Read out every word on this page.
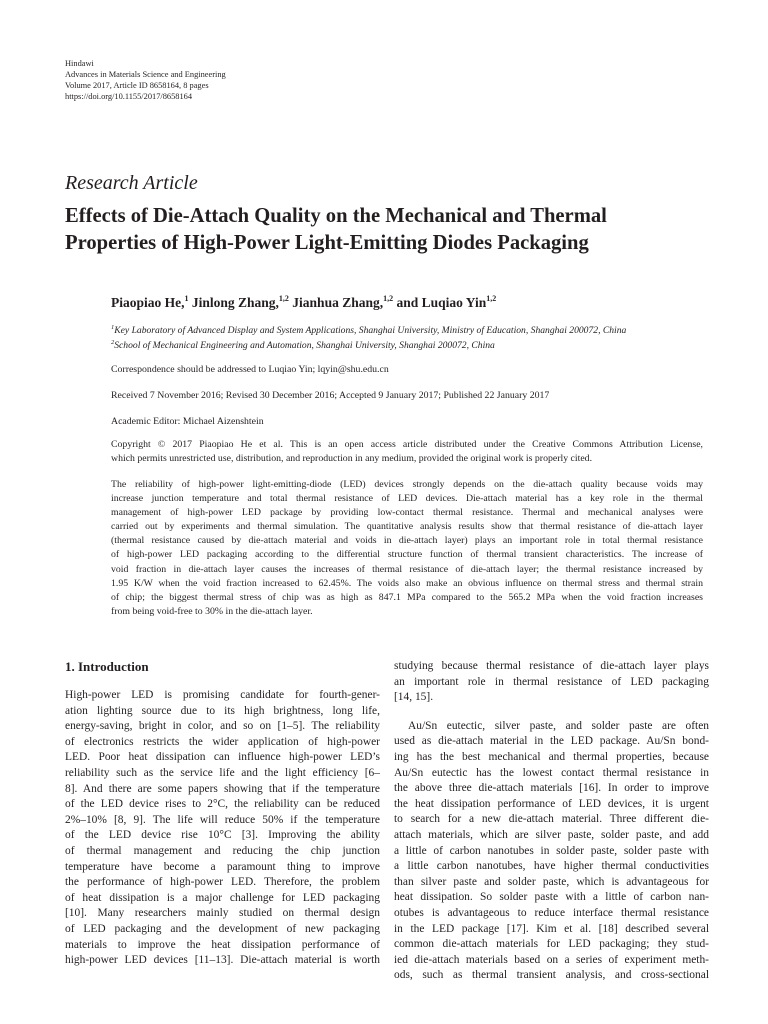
Hindawi
Advances in Materials Science and Engineering
Volume 2017, Article ID 8658164, 8 pages
https://doi.org/10.1155/2017/8658164
Research Article
Effects of Die-Attach Quality on the Mechanical and Thermal
Properties of High-Power Light-Emitting Diodes Packaging
Piaopiao He,$^1$ Jinlong Zhang,$^{1,2}$ Jianhua Zhang,$^{1,2}$ and Luqiao Yin$^{1,2}$
$^1$Key Laboratory of Advanced Display and System Applications, Shanghai University, Ministry of Education, Shanghai 200072, China
$^2$School of Mechanical Engineering and Automation, Shanghai University, Shanghai 200072, China
Correspondence should be addressed to Luqiao Yin; lqyin@shu.edu.cn
Received 7 November 2016; Revised 30 December 2016; Accepted 9 January 2017; Published 22 January 2017
Academic Editor: Michael Aizenshtein
Copyright © 2017 Piaopiao He et al. This is an open access article distributed under the Creative Commons Attribution License,
which permits unrestricted use, distribution, and reproduction in any medium, provided the original work is properly cited.
The reliability of high-power light-emitting-diode (LED) devices strongly depends on the die-attach quality because voids may
increase junction temperature and total thermal resistance of LED devices. Die-attach material has a key role in the thermal
management of high-power LED package by providing low-contact thermal resistance. Thermal and mechanical analyses were
carried out by experiments and thermal simulation. The quantitative analysis results show that thermal resistance of die-attach layer
(thermal resistance caused by die-attach material and voids in die-attach layer) plays an important role in total thermal resistance
of high-power LED packaging according to the differential structure function of thermal transient characteristics. The increase of
void fraction in die-attach layer causes the increases of thermal resistance of die-attach layer; the thermal resistance increased by
1.95 K/W when the void fraction increased to 62.45%. The voids also make an obvious influence on thermal stress and thermal strain
of chip; the biggest thermal stress of chip was as high as 847.1 MPa compared to the 565.2 MPa when the void fraction increases
from being void-free to 30% in the die-attach layer.
1. Introduction
High-power LED is promising candidate for fourth-gener-
ation lighting source due to its high brightness, long life,
energy-saving, bright in color, and so on [1–5]. The reliability
of electronics restricts the wider application of high-power
LED. Poor heat dissipation can influence high-power LED’s
reliability such as the service life and the light efficiency [6–
8]. And there are some papers showing that if the temperature
of the LED device rises to 2°C, the reliability can be reduced
2%–10% [8, 9]. The life will reduce 50% if the temperature
of the LED device rise 10°C [3]. Improving the ability
of thermal management and reducing the chip junction
temperature have become a paramount thing to improve
the performance of high-power LED. Therefore, the problem
of heat dissipation is a major challenge for LED packaging
[10]. Many researchers mainly studied on thermal design
of LED packaging and the development of new packaging
materials to improve the heat dissipation performance of
high-power LED devices [11–13]. Die-attach material is worth
studying because thermal resistance of die-attach layer plays
an important role in thermal resistance of LED packaging
[14, 15].
Au/Sn eutectic, silver paste, and solder paste are often
used as die-attach material in the LED package. Au/Sn bond-
ing has the best mechanical and thermal properties, because
Au/Sn eutectic has the lowest contact thermal resistance in
the above three die-attach materials [16]. In order to improve
the heat dissipation performance of LED devices, it is urgent
to search for a new die-attach material. Three different die-
attach materials, which are silver paste, solder paste, and add
a little of carbon nanotubes in solder paste, solder paste with
a little carbon nanotubes, have higher thermal conductivities
than silver paste and solder paste, which is advantageous for
heat dissipation. So solder paste with a little of carbon nan-
otubes is advantageous to reduce interface thermal resistance
in the LED package [17]. Kim et al. [18] described several
common die-attach materials for LED packaging; they stud-
ied die-attach materials based on a series of experiment meth-
ods, such as thermal transient analysis, and cross-sectional
